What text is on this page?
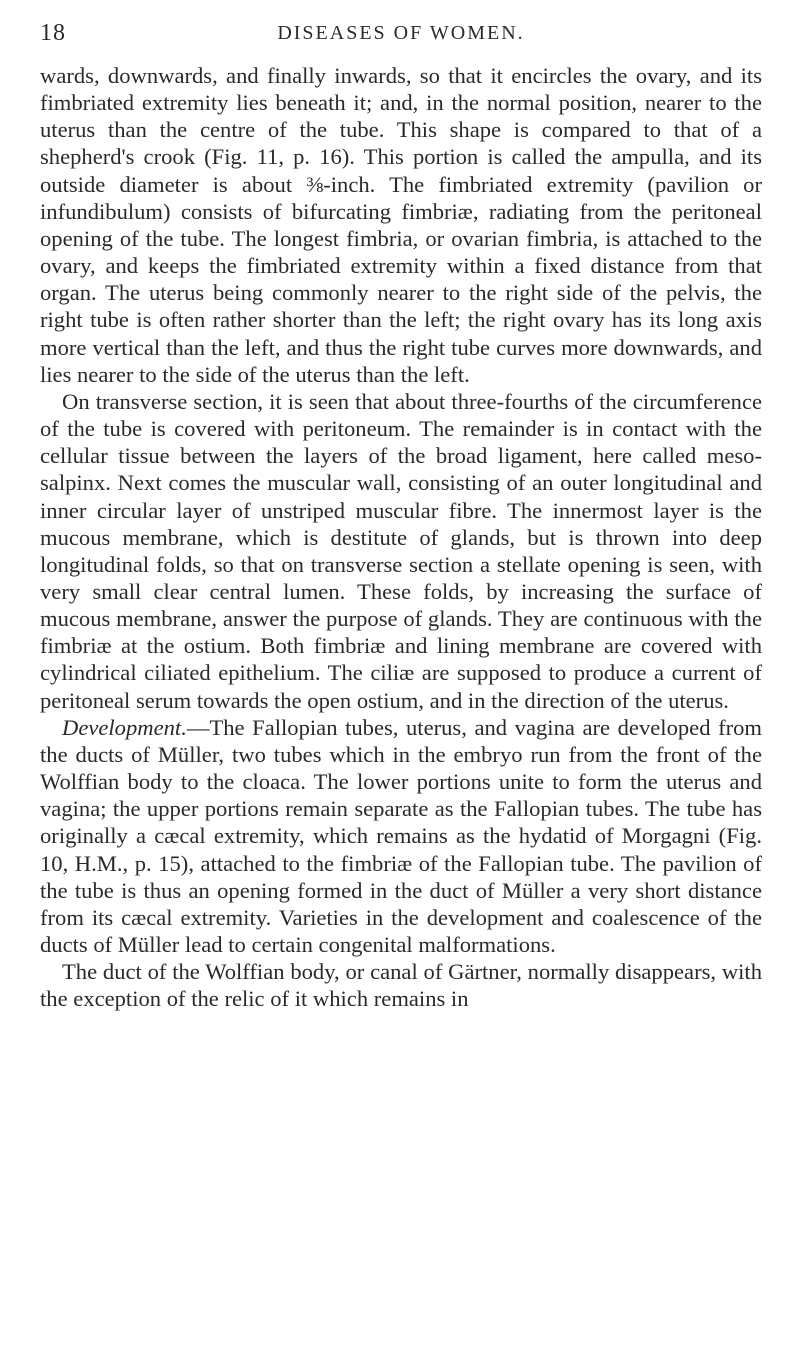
18	DISEASES OF WOMEN.

wards, downwards, and finally inwards, so that it encircles the ovary, and its fimbriated extremity lies beneath it; and, in the normal position, nearer to the uterus than the centre of the tube. This shape is compared to that of a shepherd's crook (Fig. 11, p. 16). This portion is called the ampulla, and its outside diameter is about ⅜-inch. The fimbriated extremity (pavilion or infundibulum) consists of bifurcating fimbriæ, radiating from the peritoneal opening of the tube. The longest fimbria, or ovarian fimbria, is attached to the ovary, and keeps the fimbriated extremity within a fixed distance from that organ. The uterus being commonly nearer to the right side of the pelvis, the right tube is often rather shorter than the left; the right ovary has its long axis more vertical than the left, and thus the right tube curves more downwards, and lies nearer to the side of the uterus than the left.

On transverse section, it is seen that about three-fourths of the circumference of the tube is covered with peritoneum. The remainder is in contact with the cellular tissue between the layers of the broad ligament, here called meso-salpinx. Next comes the muscular wall, consisting of an outer longitudinal and inner circular layer of unstriped muscular fibre. The innermost layer is the mucous membrane, which is destitute of glands, but is thrown into deep longitudinal folds, so that on transverse section a stellate opening is seen, with very small clear central lumen. These folds, by increasing the surface of mucous membrane, answer the purpose of glands. They are continuous with the fimbriæ at the ostium. Both fimbriæ and lining membrane are covered with cylindrical ciliated epithelium. The ciliæ are supposed to produce a current of peritoneal serum towards the open ostium, and in the direction of the uterus.

Development.—The Fallopian tubes, uterus, and vagina are developed from the ducts of Müller, two tubes which in the embryo run from the front of the Wolffian body to the cloaca. The lower portions unite to form the uterus and vagina; the upper portions remain separate as the Fallopian tubes. The tube has originally a cæcal extremity, which remains as the hydatid of Morgagni (Fig. 10, H.M., p. 15), attached to the fimbriæ of the Fallopian tube. The pavilion of the tube is thus an opening formed in the duct of Müller a very short distance from its cæcal extremity. Varieties in the development and coalescence of the ducts of Müller lead to certain congenital malformations.

The duct of the Wolffian body, or canal of Gärtner, normally disappears, with the exception of the relic of it which remains in
